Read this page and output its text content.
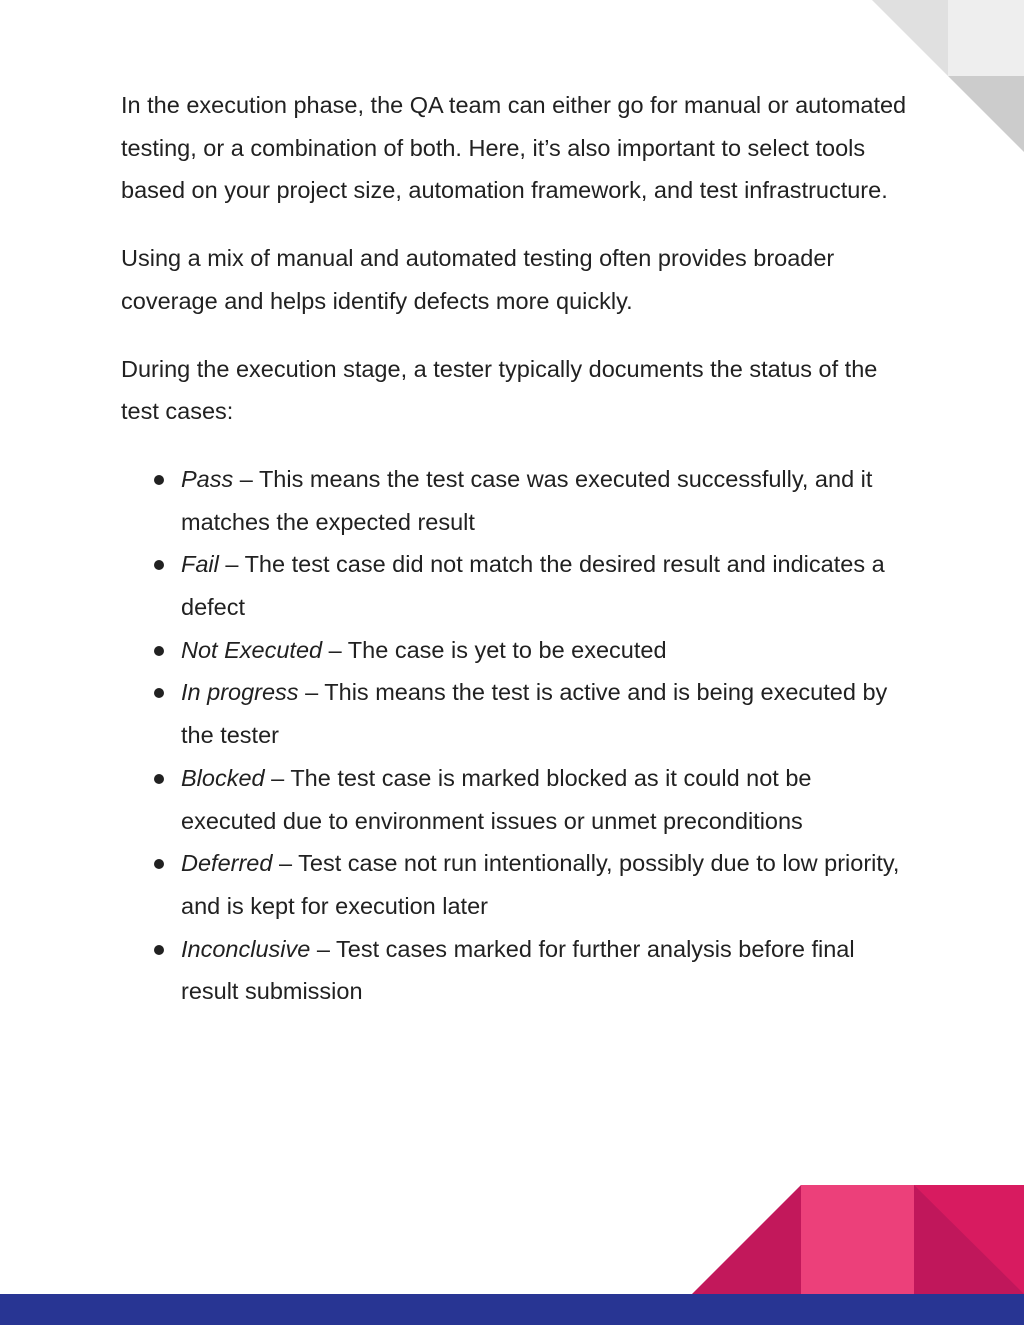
In the execution phase, the QA team can either go for manual or automated testing, or a combination of both. Here, it’s also important to select tools based on your project size, automation framework, and test infrastructure.

Using a mix of manual and automated testing often provides broader coverage and helps identify defects more quickly.

During the execution stage, a tester typically documents the status of the test cases:

Pass – This means the test case was executed successfully, and it matches the expected result
Fail – The test case did not match the desired result and indicates a defect
Not Executed – The case is yet to be executed
In progress – This means the test is active and is being executed by the tester
Blocked – The test case is marked blocked as it could not be executed due to environment issues or unmet preconditions
Deferred – Test case not run intentionally, possibly due to low priority, and is kept for execution later
Inconclusive – Test cases marked for further analysis before final result submission
